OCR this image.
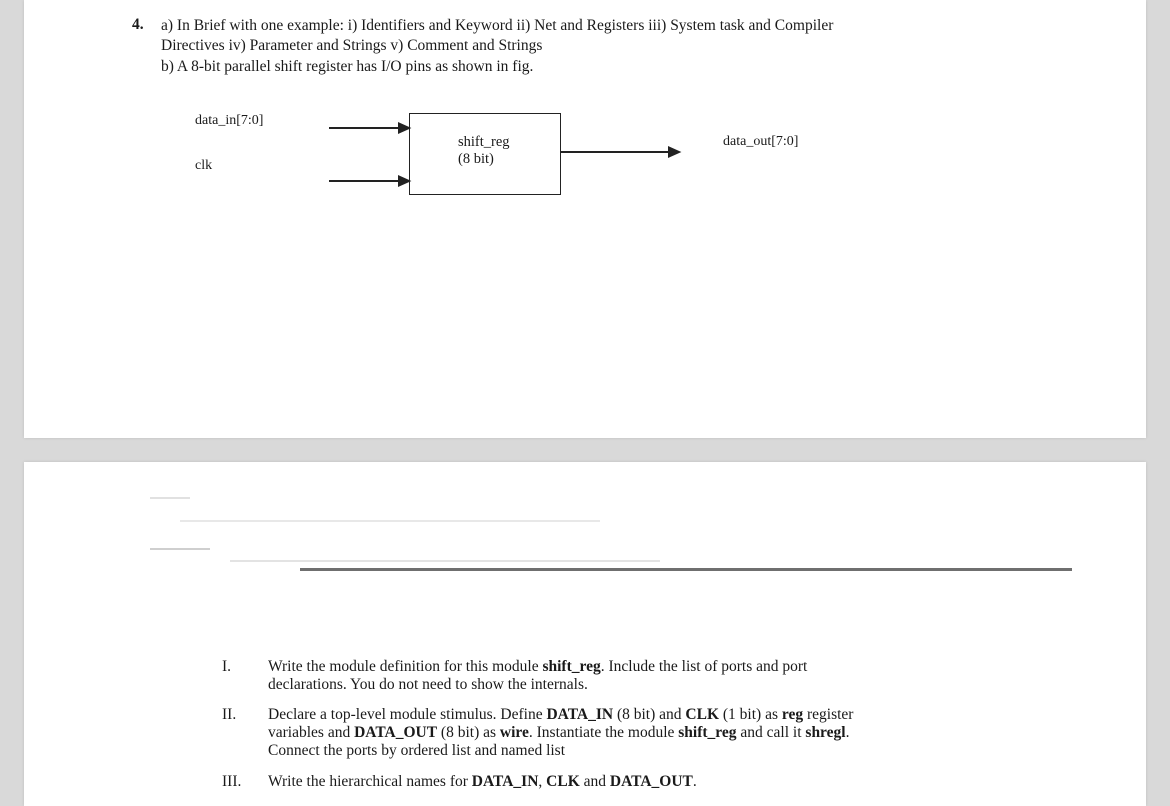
4. a) In Brief with one example: i) Identifiers and Keyword ii) Net and Registers iii) System task and Compiler
Directives iv) Parameter and Strings v) Comment and Strings
b) A 8-bit parallel shift register has I/O pins as shown in fig.
data_in[7:0]
clk
shift_reg
(8 bit)
data_out[7:0]
I. Write the module definition for this module shift_reg. Include the list of ports and port

declarations. You do not need to show the internals.

II. Declare a top-level module stimulus. Define DATA_IN (8 bit) and CLK (1 bit) as reg register

variables and DATA_OUT (8 bit) as wire. Instantiate the module shift_reg and call it shregl.

Connect the ports by ordered list and named list

III. Write the hierarchical names for DATA_IN, CLK and DATA_OUT.
